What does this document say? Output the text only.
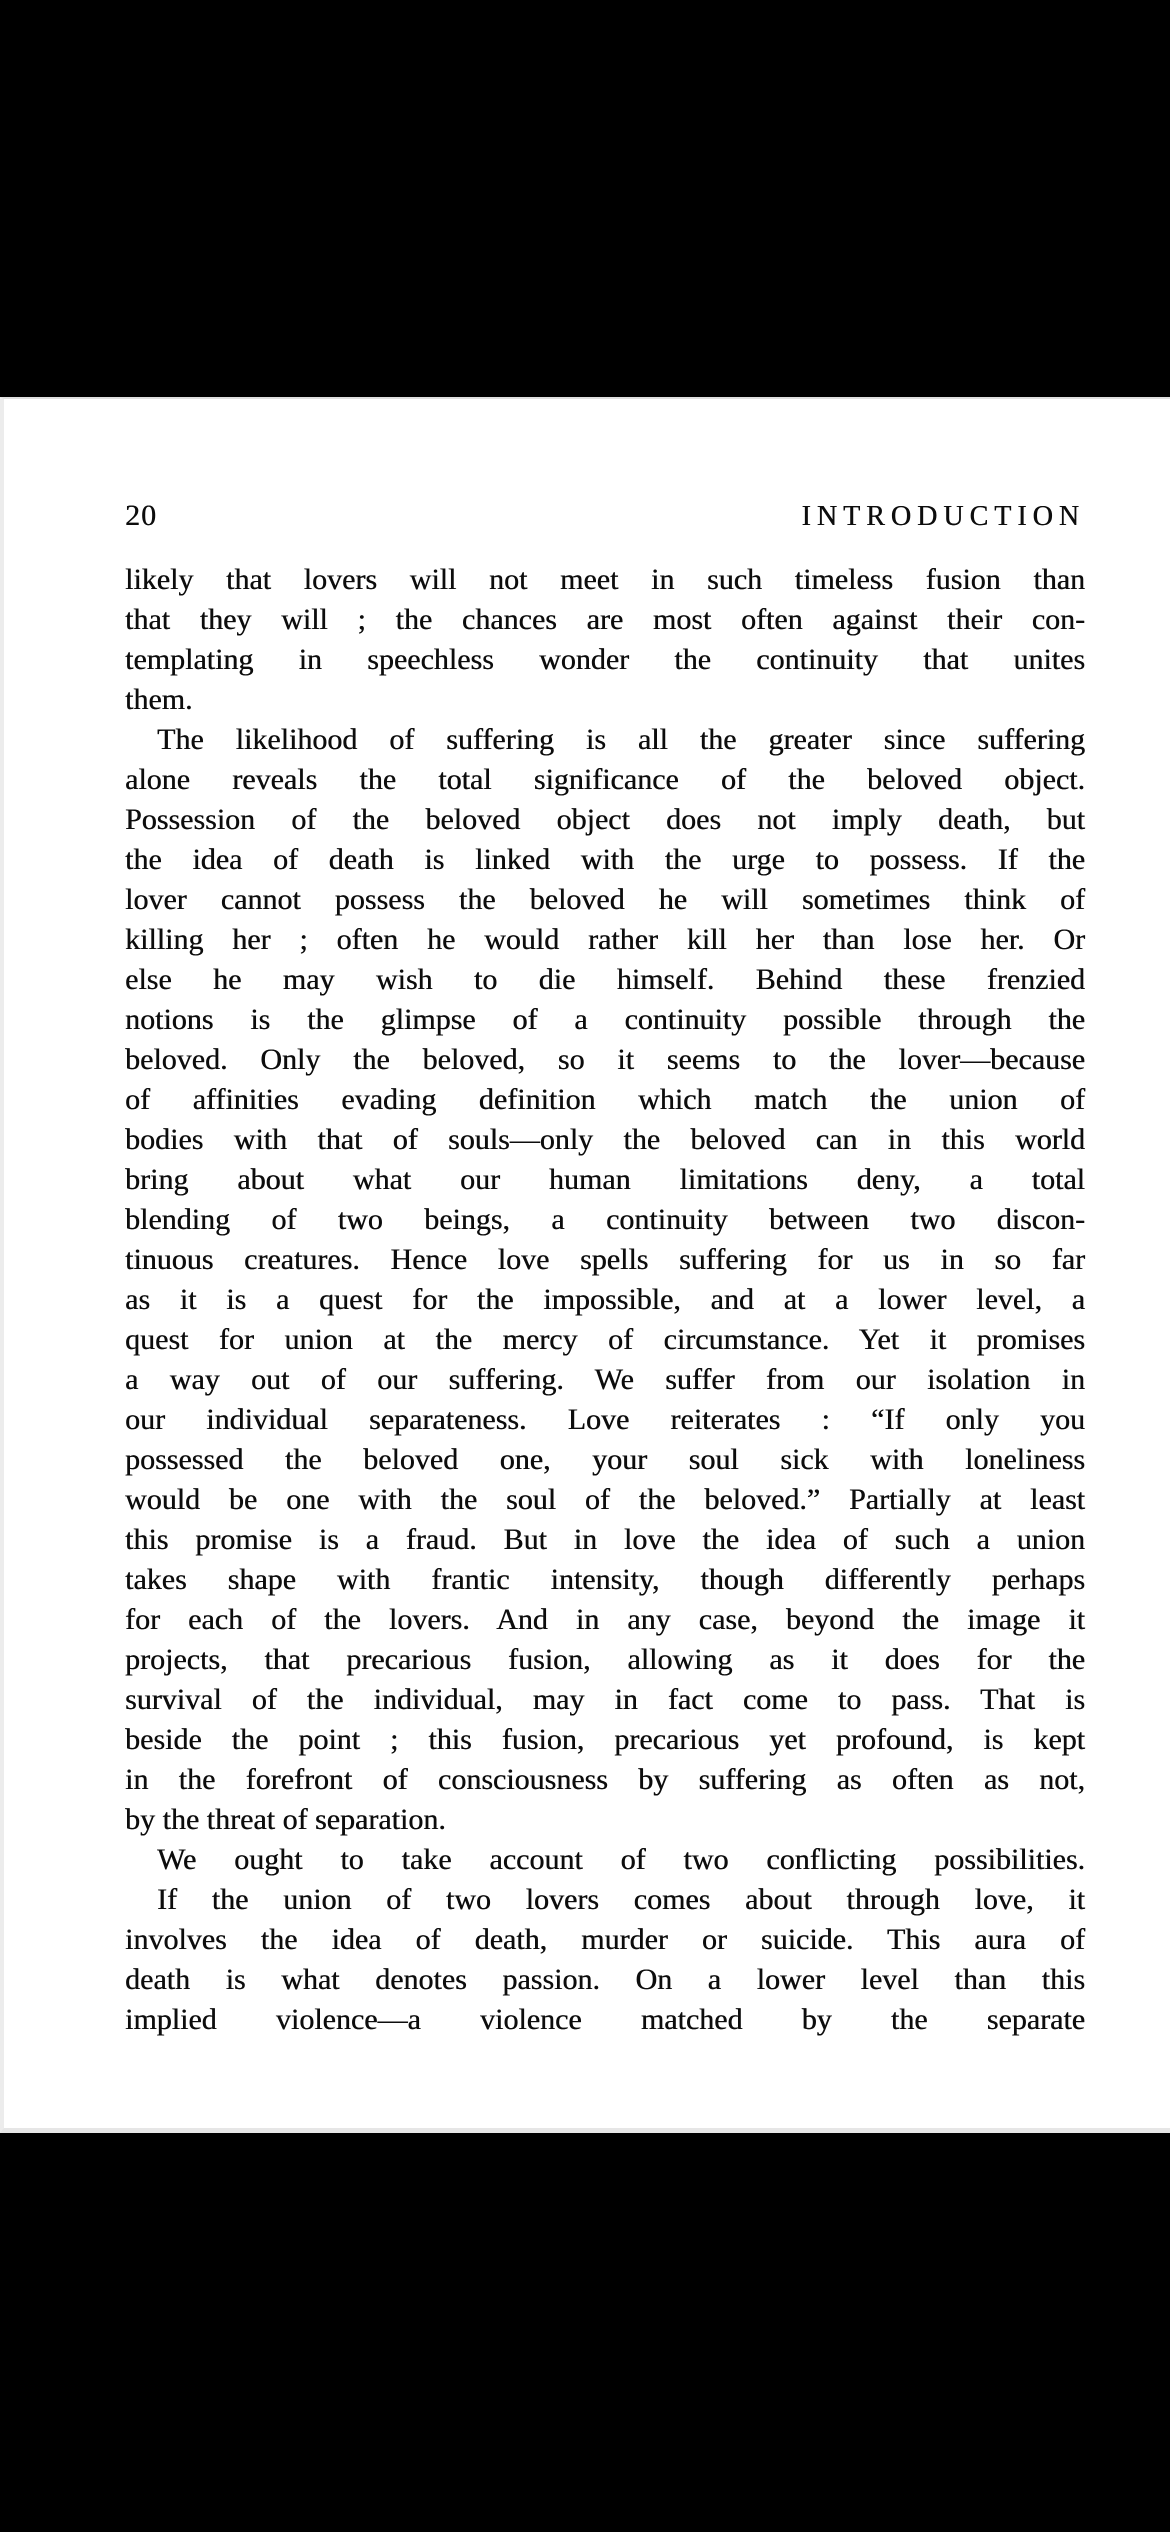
20	INTRODUCTION
likely that lovers will not meet in such timeless fusion than
that they will ; the chances are most often against their con-
templating in speechless wonder the continuity that unites
them.
The likelihood of suffering is all the greater since suffering
alone reveals the total significance of the beloved object.
Possession of the beloved object does not imply death, but
the idea of death is linked with the urge to possess. If the
lover cannot possess the beloved he will sometimes think of
killing her ; often he would rather kill her than lose her. Or
else he may wish to die himself. Behind these frenzied
notions is the glimpse of a continuity possible through the
beloved. Only the beloved, so it seems to the lover—because
of affinities evading definition which match the union of
bodies with that of souls—only the beloved can in this world
bring about what our human limitations deny, a total
blending of two beings, a continuity between two discon-
tinuous creatures. Hence love spells suffering for us in so far
as it is a quest for the impossible, and at a lower level, a
quest for union at the mercy of circumstance. Yet it promises
a way out of our suffering. We suffer from our isolation in
our individual separateness. Love reiterates : “If only you
possessed the beloved one, your soul sick with loneliness
would be one with the soul of the beloved.” Partially at least
this promise is a fraud. But in love the idea of such a union
takes shape with frantic intensity, though differently perhaps
for each of the lovers. And in any case, beyond the image it
projects, that precarious fusion, allowing as it does for the
survival of the individual, may in fact come to pass. That is
beside the point ; this fusion, precarious yet profound, is kept
in the forefront of consciousness by suffering as often as not,
by the threat of separation.
We ought to take account of two conflicting possibilities.
If the union of two lovers comes about through love, it
involves the idea of death, murder or suicide. This aura of
death is what denotes passion. On a lower level than this
implied violence—a violence matched by the separate
